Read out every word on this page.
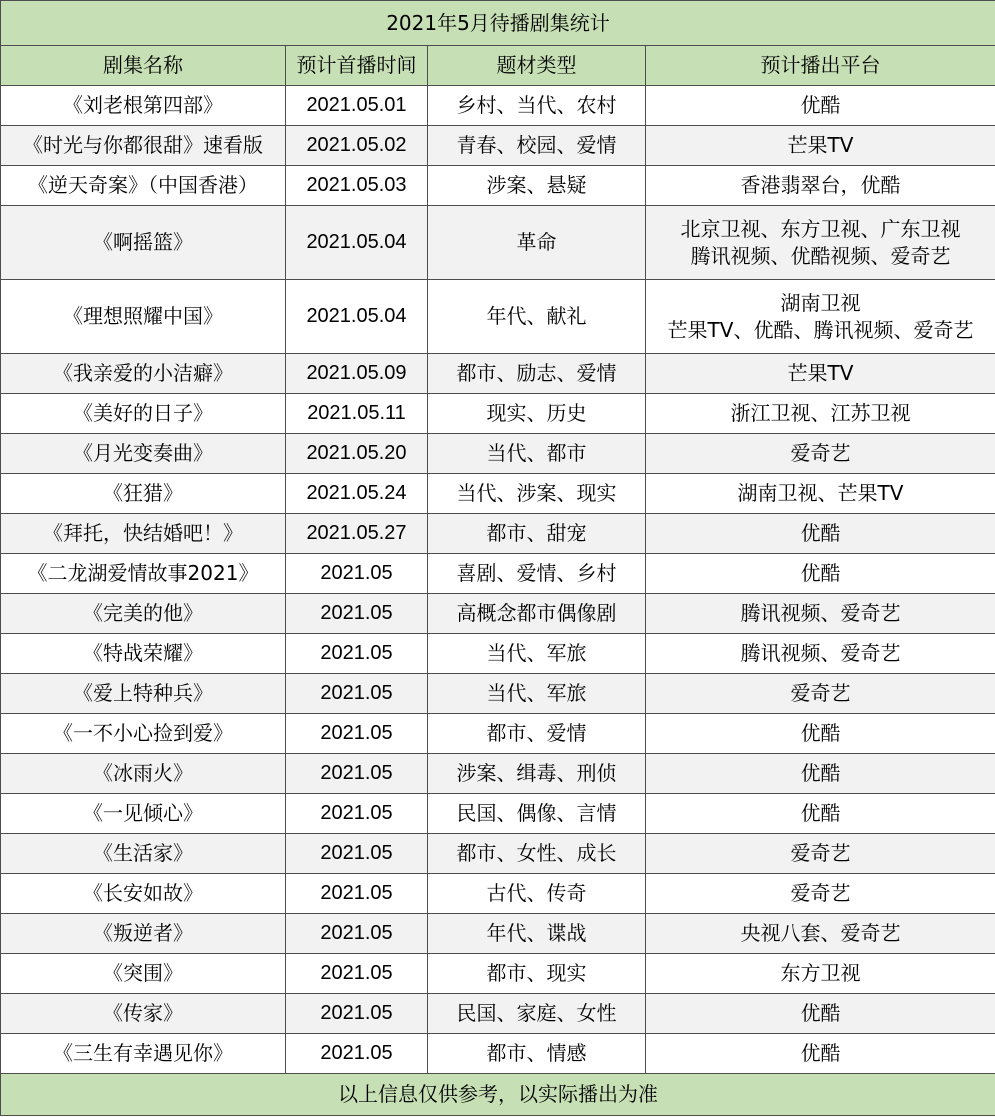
2021年5月待播剧集统计			
剧集名称	预计首播时间	题材类型	预计播出平台
《刘老根第四部》	2021.05.01	乡村、当代、农村	优酷

《时光与你都很甜》速看版	2021.05.02	青春、校园、爱情	芒果TV

《逆天奇案》（中国香港）	2021.05.03	涉案、悬疑	香港翡翠台，优酷

《啊摇篮》	2021.05.04	革命	北京卫视、东方卫视、广东卫视
腾讯视频、优酷视频、爱奇艺

《理想照耀中国》	2021.05.04	年代、献礼	湖南卫视
芒果TV、优酷、腾讯视频、爱奇艺

《我亲爱的小洁癖》	2021.05.09	都市、励志、爱情	芒果TV

《美好的日子》	2021.05.11	现实、历史	浙江卫视、江苏卫视

《月光变奏曲》	2021.05.20	当代、都市	爱奇艺

《狂猎》	2021.05.24	当代、涉案、现实	湖南卫视、芒果TV

《拜托，快结婚吧！》	2021.05.27	都市、甜宠	优酷

《二龙湖爱情故事2021》	2021.05	喜剧、爱情、乡村	优酷

《完美的他》	2021.05	高概念都市偶像剧	腾讯视频、爱奇艺

《特战荣耀》	2021.05	当代、军旅	腾讯视频、爱奇艺

《爱上特种兵》	2021.05	当代、军旅	爱奇艺

《一不小心捡到爱》	2021.05	都市、爱情	优酷

《冰雨火》	2021.05	涉案、缉毒、刑侦	优酷

《一见倾心》	2021.05	民国、偶像、言情	优酷

《生活家》	2021.05	都市、女性、成长	爱奇艺

《长安如故》	2021.05	古代、传奇	爱奇艺

《叛逆者》	2021.05	年代、谍战	央视八套、爱奇艺

《突围》	2021.05	都市、现实	东方卫视

《传家》	2021.05	民国、家庭、女性	优酷

《三生有幸遇见你》	2021.05	都市、情感	优酷

以上信息仅供参考，以实际播出为准			
